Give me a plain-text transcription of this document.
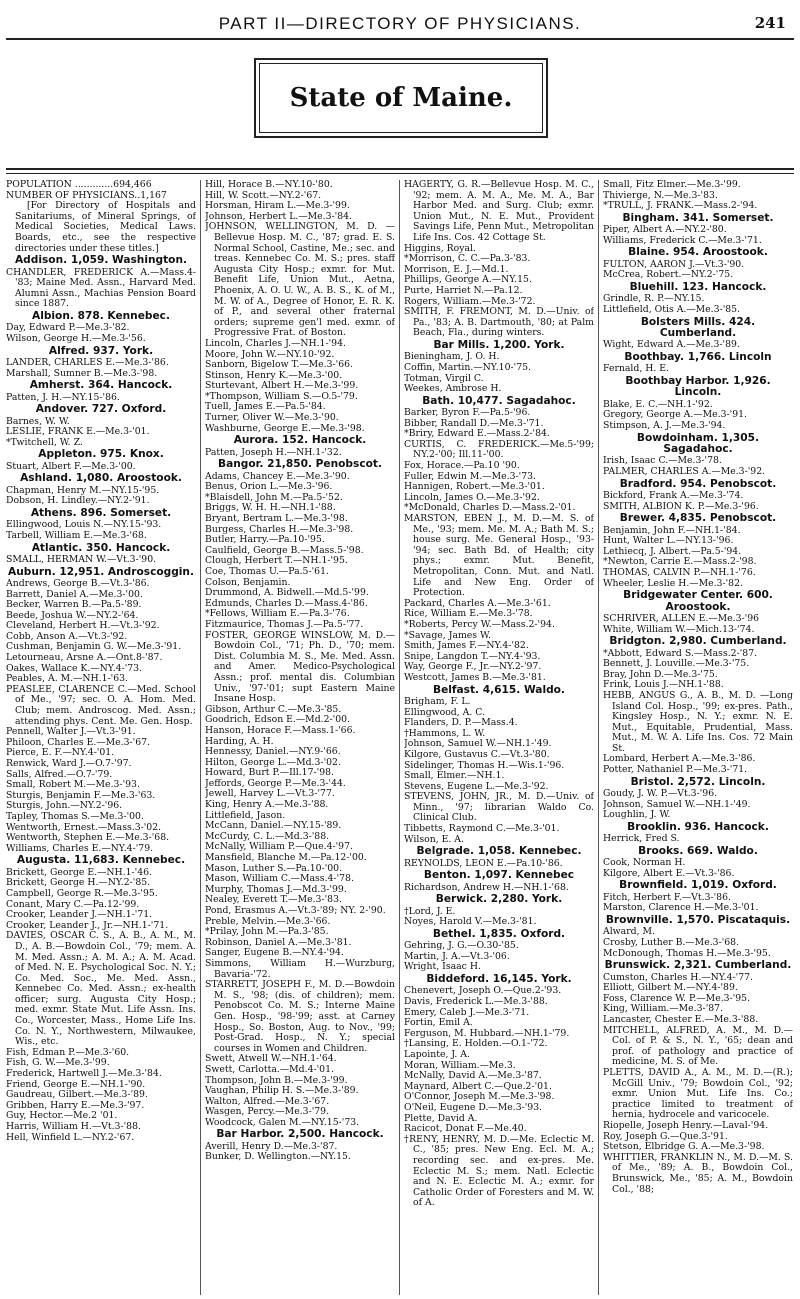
PART II—DIRECTORY OF PHYSICIANS.	241
State of Maine.
POPULATION .............694,466
NUMBER OF PHYSICIANS..1,167
[For Directory of Hospitals and Sanitariums, of Mineral Springs, of Medical Societies, Medical Laws. Boards, etc., see the respective directories under these titles.]
Addison. 1,059. Washington.
CHANDLER, FREDERICK A.—Mass.4-'83; Maine Med. Assn., Harvard Med. Alumni Assn., Machias Pension Board since 1887.
Albion. 878. Kennebec.
Day, Edward P.—Me.3-'82.
Wilson, George H.—Me.3-'56.
Alfred. 937. York.
LANDER, CHARLES E.—Me.3-'86.
Marshall, Sumner B.—Me.3-'98.
Amherst. 364. Hancock.
Patten, J. H.—NY.15-'86.
Andover. 727. Oxford.
Barnes, W. W.
LESLIE, FRANK E.—Me.3-'01.
*Twitchell, W. Z.
Appleton. 975. Knox.
Stuart, Albert F.—Me.3-'00.
Ashland. 1,080. Aroostook.
Chapman, Henry M.—NY.15-'95.
Dobson, H. Lindley.—NY.2-'91.
Athens. 896. Somerset.
Ellingwood, Louis N.—NY.15-'93.
Tarbell, William E.—Me.3-'68.
Atlantic. 350. Hancock.
SMALL, HERMAN W.—Vt.3-'90.
Auburn. 12,951. Androscoggin.
Andrews, George B.—Vt.3-'86.
Barrett, Daniel A.—Me.3-'00.
Becker, Warren B.—Pa.5-'89.
Beede, Joshua W.—NY.2-'64.
Cleveland, Herbert H.—Vt.3-'92.
Cobb, Anson A.—Vt.3-'92.
Cushman, Benjamin G. W.—Me.3-'91.
Letourneau, Arsne A.—Ont.8-'87.
Oakes, Wallace K.—NY.4-'73.
Peables, A. M.—NH.1-'63.
PEASLEE, CLARENCE C.—Med. School of Me., '97; sec. O. A. Hom. Med. Club; mem. Androscog. Med. Assn.; attending phys. Cent. Me. Gen. Hosp.
Pennell, Walter J.—Vt.3-'91.
Philoon, Charles E.—Me.3-'67.
Pierce, E. F.—NY.4-'01.
Renwick, Ward J.—O.7-'97.
Salls, Alfred.—O.7-'79.
Small, Robert M.—Me.3-'93.
Sturgis, Benjamin F.—Me.3-'63.
Sturgis, John.—NY.2-'96.
Tapley, Thomas S.—Me.3-'00.
Wentworth, Ernest.—Mass.3-'02.
Wentworth, Stephen E.—Me.3-'68.
Williams, Charles E.—NY.4-'79.
Augusta. 11,683. Kennebec.
Brickett, George E.—NH.1-'46.
Brickett, George H.—NY.2-'85.
Campbell, George R.—Me.3-'95.
Conant, Mary C.—Pa.12-'99.
Crooker, Leander J.—NH.1-'71.
Crooker, Leander J., Jr.—NH.1-'71.
DAVIES, OSCAR C. S., A. B., A. M., M. D., A. B.—Bowdoin Col., '79; mem. A. M. Med. Assn.; A. M. A.; A. M. Acad. of Med. N. E. Psychological Soc. N. Y.; Co. Med. Soc., Me. Med. Assn., Kennebec Co. Med. Assn.; ex-health officer; surg. Augusta City Hosp.; med. exmr. State Mut. Life Assn. Ins. Co., Worcester, Mass., Home Life Ins. Co. N. Y., Northwestern, Milwaukee, Wis., etc.
Fish, Edman P.—Me.3-'60.
Fish, G. W.—Me.3-'99.
Frederick, Hartwell J.—Me.3-'84.
Friend, George E.—NH.1-'90.
Gaudreau, Gilbert.—Me.3-'89.
Gribben, Harry E.—Me.3-'97.
Guy, Hector.—Me.2 '01.
Harris, William H.—Vt.3-'88.
Hell, Winfield L.—NY.2-'67.
Hill, Horace B.—NY.10-'80.
Hill, W. Scott.—NY.2-'67.
Horsman, Hiram L.—Me.3-'99.
Johnson, Herbert L.—Me.3-'84.
JOHNSON, WELLINGTON, M. D. —Bellevue Hosp. M. C., '87; grad. E. S. Normal School, Castine, Me.; sec. and treas. Kennebec Co. M. S.; pres. staff Augusta City Hosp.; exmr. for Mut. Benefit Life, Union Mut., Aetna, Phoenix, A. O. U. W., A. B. S., K. of M., M. W. of A., Degree of Honor, E. R. K. of P., and several other fraternal orders; supreme gen'l med. exmr. of Progressive Frat. of Boston.
Lincoln, Charles J.—NH.1-'94.
Moore, John W.—NY.10-'92.
Sanborn, Bigelow T.—Me.3-'66.
Stinson, Henry K.—Me.3-'00.
Sturtevant, Albert H.—Me.3-'99.
*Thompson, William S.—O.5-'79.
Tuell, James E.—Pa.5-'84.
Turner, Oliver W.—Me.3-'90.
Washburne, George E.—Me.3-'98.
Aurora. 152. Hancock.
Patten, Joseph H.—NH.1-'32.
Bangor. 21,850. Penobscot.
Adams, Chancey E.—Me.3-'90.
Benus, Orion L.—Me.3-'96.
*Blaisdell, John M.—Pa.5-'52.
Briggs, W. H. H.—NH.1-'88.
Bryant, Bertram L.—Me.3-'98.
Burgess, Charles H.—Me.3-'98.
Butler, Harry.—Pa.10-'95.
Caulfield, George B.—Mass.5-'98.
Clough, Herbert T.—NH.1-'95.
Coe, Thomas U.—Pa.5-'61.
Colson, Benjamin.
Drummond, A. Bidwell.—Md.5-'99.
Edmunds, Charles D.—Mass.4-'86.
*Fellows, William E.—Pa.3-'76.
Fitzmaurice, Thomas J.—Pa.5-'77.
FOSTER, GEORGE WINSLOW, M. D.—Bowdoin Col., '71; Ph. D., '70; mem. Dist. Columbia M. S., Me. Med. Assn. and Amer. Medico-Psychological Assn.; prof. mental dis. Columbian Univ., '97-'01; supt Eastern Maine Insane Hosp.
Gibson, Arthur C.—Me.3-'85.
Goodrich, Edson E.—Md.2-'00.
Hanson, Horace F.—Mass.1-'66.
Harding, A. H.
Hennessy, Daniel.—NY.9-'66.
Hilton, George L.—Md.3-'02.
Howard, Burt P.—Ill.17-'98.
Jeffords, George P.—Me.3-'44.
Jewell, Harvey L.—Vt.3-'77.
King, Henry A.—Me.3-'88.
Littlefield, Jason.
McCann, Daniel.—NY.15-'89.
McCurdy, C. L.—Md.3-'88.
McNally, William P.—Que.4-'97.
Mansfield, Blanche M.—Pa.12-'00.
Mason, Luther S.—Pa.10-'00.
Mason, William C.—Mass.4-'78.
Murphy, Thomas J.—Md.3-'99.
Nealey, Everett T.—Me.3-'83.
Pond, Erasmus A.—Vt.3-'89; NY. 2-'90.
Preble, Melvin.—Me.3-'66.
*Prilay, John M.—Pa.3-'85.
Robinson, Daniel A.—Me.3-'81.
Sanger, Eugene B.—NY.4-'94.
Simmons, William H.—Wurzburg, Bavaria-'72.
STARRETT, JOSEPH F., M. D.—Bowdoin M. S., '98; (dis. of children); mem. Penobscot Co. M. S.; Interne Maine Gen. Hosp., '98-'99; asst. at Carney Hosp., So. Boston, Aug. to Nov., '99; Post-Grad. Hosp., N. Y.; special courses in Women and Children.
Swett, Atwell W.—NH.1-'64.
Swett, Carlotta.—Md.4-'01.
Thompson, John B.—Me.3-'99.
Vaughan, Philip H. S.—Me.3-'89.
Walton, Alfred.—Me.3-'67.
Wasgen, Percy.—Me.3-'79.
Woodcock, Galen M.—NY.15-'73.
Bar Harbor. 2,500. Hancock.
Averill, Henry D.—Me.3-'87.
Bunker, D. Wellington.—NY.15.
HAGERTY, G. R.—Bellevue Hosp. M. C., '92; mem. A. M. A., Me. M. A., Bar Harbor Med. and Surg. Club; exmr. Union Mut., N. E. Mut., Provident Savings Life, Penn Mut., Metropolitan Life Ins. Cos. 42 Cottage St.
Higgins, Royal.
*Morrison, C. C.—Pa.3-'83.
Morrison, E. J.—Md.1.
Phillips, George A.—NY.15.
Purte, Harriet N.—Pa.12.
Rogers, William.—Me.3-'72.
SMITH, F. FREMONT, M. D.—Univ. of Pa., '83; A. B. Dartmouth, '80; at Palm Beach, Fla., during winters.
Bar Mills. 1,200. York.
Bieningham, J. O. H.
Coffin, Martin.—NY.10-'75.
Totman, Virgil C.
Weekes, Ambrose H.
Bath. 10,477. Sagadahoc.
Barker, Byron F.—Pa.5-'96.
Bibber, Randall D.—Me.3-'71.
*Briry, Edward E.—Mass.2-'84.
CURTIS, C. FREDERICK.—Me.5-'99; NY.2-'00; Ill.11-'00.
Fox, Horace.—Pa.10 '90.
Fuller, Edwin M.—Me.3-'73.
Hannigen, Robert.—Me.3-'01.
Lincoln, James O.—Me.3-'92.
*McDonald, Charles D.—Mass.2-'01.
MARSTON, EBEN J., M. D.—M. S. of Me., '93; mem. Me. M. A.; Bath M. S.; house surg. Me. General Hosp., '93-'94; sec. Bath Bd. of Health; city phys.; exmr. Mut. Benefit, Metropolitan, Conn. Mut. and Natl. Life and New Eng. Order of Protection.
Packard, Charles A.—Me.3-'61.
Rice, William E.—Me.3-'78.
*Roberts, Percy W.—Mass.2-'94.
*Savage, James W.
Smith, James F.—NY.4-'82.
Snipe, Langdon T.—NY.4-'93.
Way, George F., Jr.—NY.2-'97.
Westcott, James B.—Me.3-'81.
Belfast. 4,615. Waldo.
Brigham, F. L.
Ellingwood, A. C.
Flanders, D. P.—Mass.4.
†Hammons, L. W.
Johnson, Samuel W.—NH.1-'49.
Kilgore, Gustavus C.—Vt.3-'80.
Sidelinger, Thomas H.—Wis.1-'96.
Small, Elmer.—NH.1.
Stevens, Eugene L.—Me.3-'92.
STEVENS, JOHN, JR., M. D.—Univ. of Minn., '97; librarian Waldo Co. Clinical Club.
Tibbetts, Raymond C.—Me.3-'01.
Wilson, E. A.
Belgrade. 1,058. Kennebec.
REYNOLDS, LEON E.—Pa.10-'86.
Benton. 1,097. Kennebec
Richardson, Andrew H.—NH.1-'68.
Berwick. 2,280. York.
†Lord, J. E.
Noyes, Harold V.—Me.3-'81.
Bethel. 1,835. Oxford.
Gehring, J. G.—O.30-'85.
Martin, J. A.—Vt.3-'06.
Wright, Isaac H.
Biddeford. 16,145. York.
Chenevert, Joseph O.—Que.2-'93.
Davis, Frederick L.—Me.3-'88.
Emery, Caleb J.—Me.3-'71.
Fortin, Emil A.
Ferguson, M. Hubbard.—NH.1-'79.
†Lansing, E. Holden.—O.1-'72.
Lapointe, J. A.
Moran, William.—Me.3.
McNally, David A.—Me.3-'87.
Maynard, Albert C.—Que.2-'01.
O'Connor, Joseph M.—Me.3-'98.
O'Neil, Eugene D.—Me.3-'93.
Plette, David A.
Racicot, Donat F.—Me.40.
†RENY, HENRY, M. D.—Me. Eclectic M. C., '85; pres. New Eng. Ecl. M. A.; recording sec. and ex-pres. Me. Eclectic M. S.; mem. Natl. Eclectic and N. E. Eclectic M. A.; exmr. for Catholic Order of Foresters and M. W. of A.
Small, Fitz Elmer.—Me.3-'99.
Thivierge, N.—Me.3-'83.
*TRULL, J. FRANK.—Mass.2-'94.
Bingham. 341. Somerset.
Piper, Albert A.—NY.2-'80.
Williams, Frederick C.—Me.3-'71.
Blaine. 954. Aroostook.
FULTON, AARON J.—Vt.3-'90.
McCrea, Robert.—NY.2-'75.
Bluehill. 123. Hancock.
Grindle, R. P.—NY.15.
Littlefield, Otis A.—Me.3-'85.
Bolsters Mills. 424. Cumberland.
Wight, Edward A.—Me.3-'89.
Boothbay. 1,766. Lincoln
Fernald, H. E.
Boothbay Harbor. 1,926. Lincoln.
Blake, E. C.—NH.1-'92.
Gregory, George A.—Me.3-'91.
Stimpson, A. J.—Me.3-'94.
Bowdoinham. 1,305. Sagadahoc.
Irish, Isaac C.—Me.3-'78.
PALMER, CHARLES A.—Me.3-'92.
Bradford. 954. Penobscot.
Bickford, Frank A.—Me.3-'74.
SMITH, ALBION K. P.—Me.3-'96.
Brewer. 4,835. Penobscot.
Benjamin, John F.—NH.1-'84.
Hunt, Walter L.—NY.13-'96.
Lethiecq, J. Albert.—Pa.5-'94.
*Newton, Carrie E.—Mass.2-'98.
THOMAS, CALVIN P.—NH.1-'76.
Wheeler, Leslie H.—Me.3-'82.
Bridgewater Center. 600. Aroostook.
SCHRIVER, ALLEN E.—Me.3-'96
White, William W.—Mich.13-'74.
Bridgton. 2,980. Cumberland.
*Abbott, Edward S.—Mass.2-'87.
Bennett, J. Louville.—Me.3-'75.
Bray, John D.—Me.3-'75.
Frink, Louis J.—NH.1-'88.
HEBB, ANGUS G., A. B., M. D. —Long Island Col. Hosp., '99; ex-pres. Path., Kingsley Hosp., N. Y.; exmr. N. E. Mut., Equitable, Prudential, Mass. Mut., M. W. A. Life Ins. Cos. 72 Main St.
Lombard, Herbert A.—Me.3-'86.
Potter, Nathaniel P.—Me.3-'71.
Bristol. 2,572. Lincoln.
Goudy, J. W. P.—Vt.3-'96.
Johnson, Samuel W.—NH.1-'49.
Loughlin, J. W.
Brooklin. 936. Hancock.
Herrick, Fred S.
Brooks. 669. Waldo.
Cook, Norman H.
Kilgore, Albert E.—Vt.3-'86.
Brownfield. 1,019. Oxford.
Fitch, Herbert F.—Vt.3-'86.
Marston, Clarence H.—Me.3-'01.
Brownville. 1,570. Piscataquis.
Alward, M.
Crosby, Luther B.—Me.3-'68.
McDonough, Thomas H.—Me.3-'95.
Brunswick. 2,321. Cumberland.
Cumston, Charles H.—NY.4-'77.
Elliott, Gilbert M.—NY.4-'89.
Foss, Clarence W. P.—Me.3-'95.
King, William.—Me.3-'87.
Lancaster, Chester E.—Me.3-'88.
MITCHELL, ALFRED, A. M., M. D.—Col. of P. & S., N. Y., '65; dean and prof. of pathology and practice of medicine, M. S. of Me.
PLETTS, DAVID A., A. M., M. D.—(R.); McGill Univ., '79; Bowdoin Col., '92; exmr. Union Mut. Life Ins. Co.; practice limited to treatment of hernia, hydrocele and varicocele.
Riopelle, Joseph Henry.—Laval-'94.
Roy, Joseph G.—Que.3-'91.
Stetson, Elbridge G. A.—Me.3-'98.
WHITTIER, FRANKLIN N., M. D.—M. S. of Me., '89; A. B., Bowdoin Col., Brunswick, Me., '85; A. M., Bowdoin Col., '88;
